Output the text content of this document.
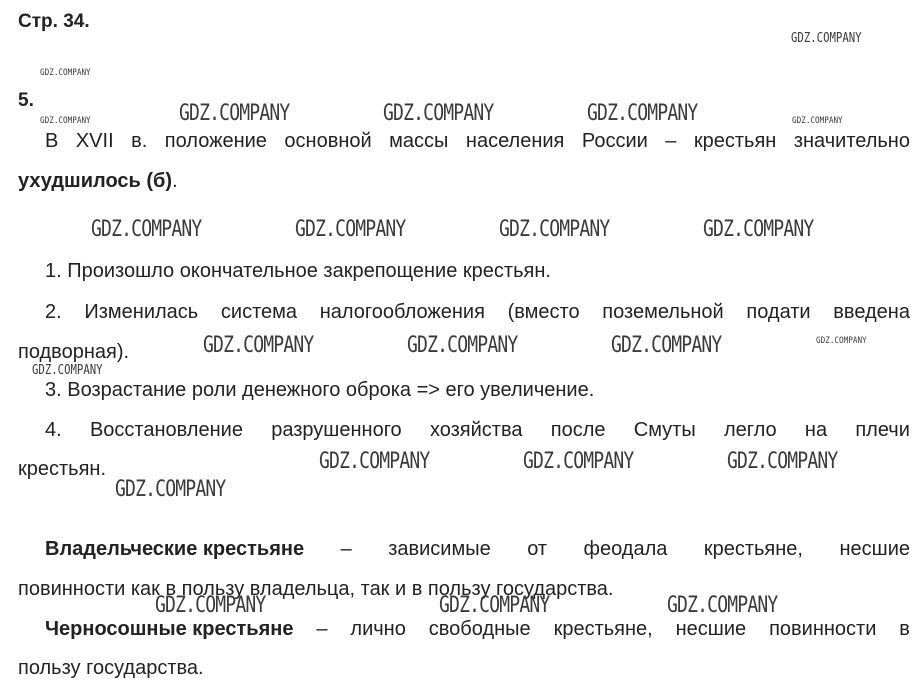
Стр. 34.
5.
В XVII в. положение основной массы населения России – крестьян значительно
ухудшилось (б).
1. Произошло окончательное закрепощение крестьян.
2. Изменилась система налогообложения (вместо поземельной подати введена
подворная).
3. Возрастание роли денежного оброка => его увеличение.
4. Восстановление разрушенного хозяйства после Смуты легло на плечи
крестьян.
Владельческие крестьяне – зависимые от феодала крестьяне, несшие
повинности как в пользу владельца, так и в пользу государства.
Черносошные крестьяне – лично свободные крестьяне, несшие повинности в
пользу государства.
GDZ.COMPANY
GDZ.COMPANY
GDZ.COMPANY	GDZ.COMPANY	GDZ.COMPANY	GDZ.COMPANY	GDZ.COMPANY
GDZ.COMPANY	GDZ.COMPANY	GDZ.COMPANY	GDZ.COMPANY
GDZ.COMPANY	GDZ.COMPANY	GDZ.COMPANY	GDZ.COMPANY
GDZ.COMPANY
GDZ.COMPANY	GDZ.COMPANY	GDZ.COMPANY
GDZ.COMPANY
GDZ.COMPANY	GDZ.COMPANY	GDZ.COMPANY
